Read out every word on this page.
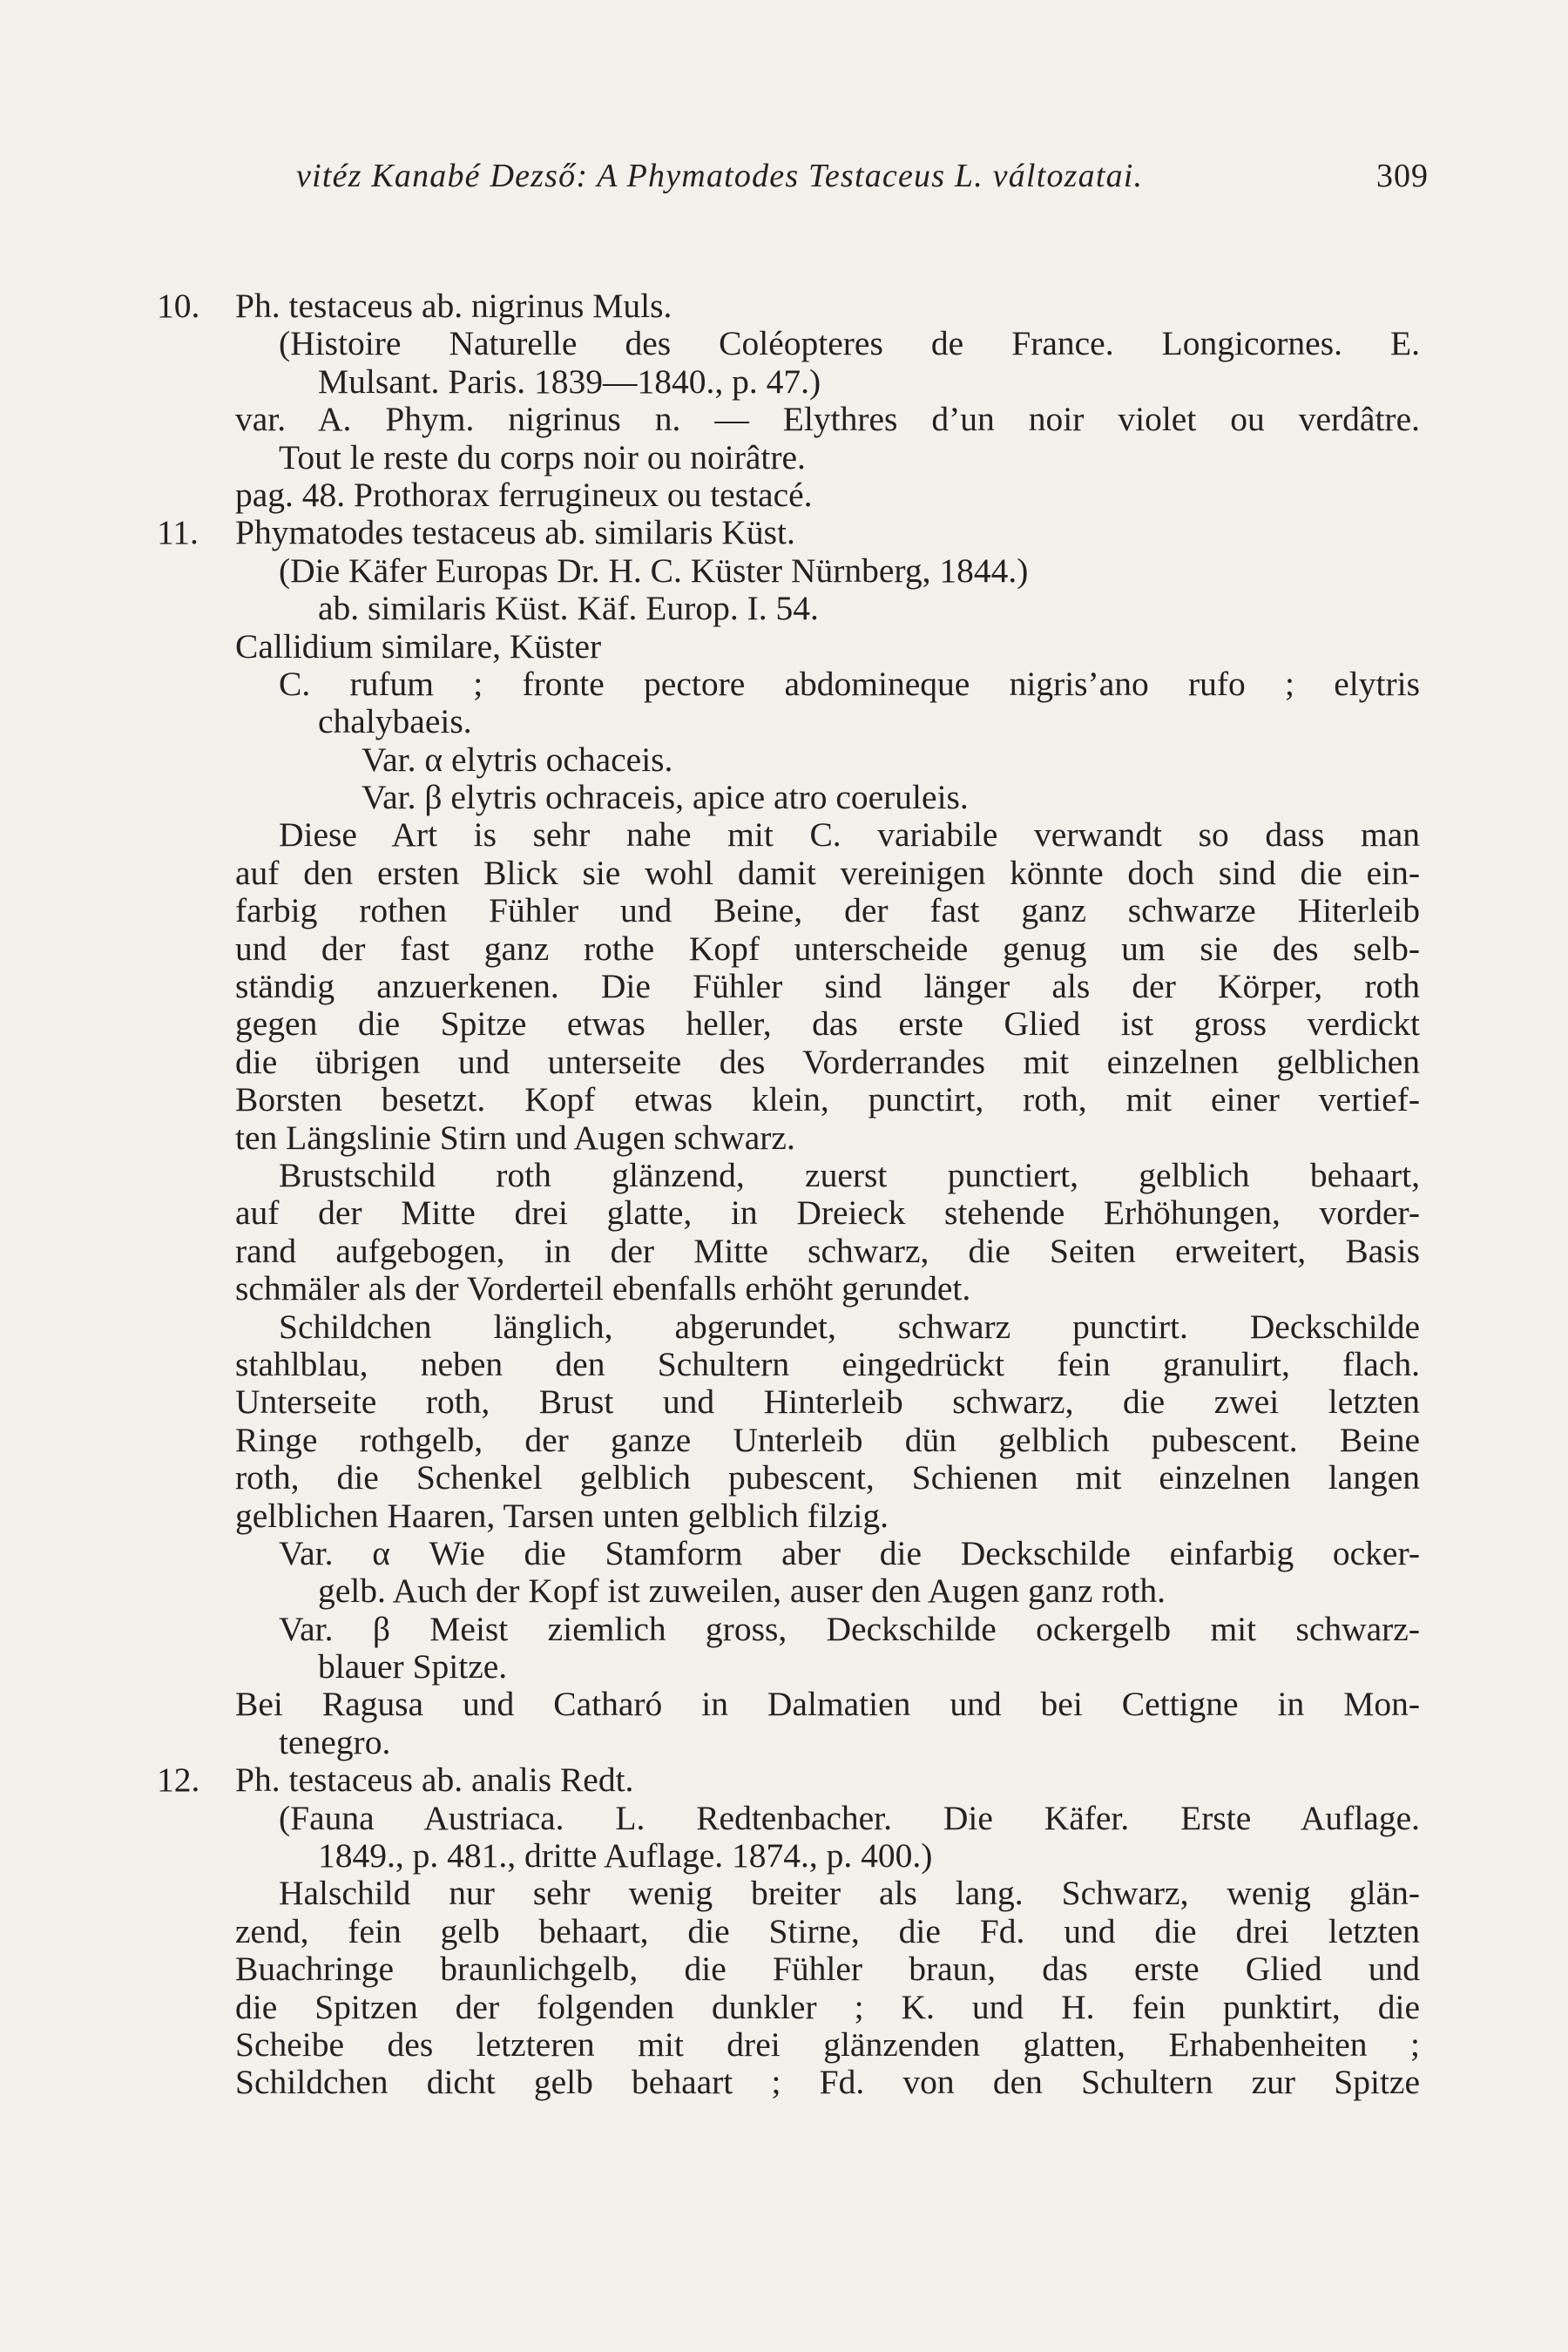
vitéz Kanabé Dezső: A Phymatodes Testaceus L. változatai.	309
10. Ph. testaceus ab. nigrinus Muls.
(Histoire Naturelle des Coléopteres de France. Longicornes. E.
Mulsant. Paris. 1839—1840., p. 47.)
var. A. Phym. nigrinus n. — Elythres d’un noir violet ou verdâtre.
Tout le reste du corps noir ou noirâtre.
pag. 48. Prothorax ferrugineux ou testacé.
11. Phymatodes testaceus ab. similaris Küst.
(Die Käfer Europas Dr. H. C. Küster Nürnberg, 1844.)
ab. similaris Küst. Käf. Europ. I. 54.
Callidium similare, Küster
C. rufum ; fronte pectore abdomineque nigris’ano rufo ; elytris
chalybaeis.
Var. α elytris ochaceis.
Var. β elytris ochraceis, apice atro coeruleis.
Diese Art is sehr nahe mit C. variabile verwandt so dass man
auf den ersten Blick sie wohl damit vereinigen könnte doch sind die ein-
farbig rothen Fühler und Beine, der fast ganz schwarze Hiterleib
und der fast ganz rothe Kopf unterscheide genug um sie des selb-
ständig anzuerkenen. Die Fühler sind länger als der Körper, roth
gegen die Spitze etwas heller, das erste Glied ist gross verdickt
die übrigen und unterseite des Vorderrandes mit einzelnen gelblichen
Borsten besetzt. Kopf etwas klein, punctirt, roth, mit einer vertief-
ten Längslinie Stirn und Augen schwarz.
Brustschild roth glänzend, zuerst punctiert, gelblich behaart,
auf der Mitte drei glatte, in Dreieck stehende Erhöhungen, vorder-
rand aufgebogen, in der Mitte schwarz, die Seiten erweitert, Basis
schmäler als der Vorderteil ebenfalls erhöht gerundet.
Schildchen länglich, abgerundet, schwarz punctirt. Deckschilde
stahlblau, neben den Schultern eingedrückt fein granulirt, flach.
Unterseite roth, Brust und Hinterleib schwarz, die zwei letzten
Ringe rothgelb, der ganze Unterleib dün gelblich pubescent. Beine
roth, die Schenkel gelblich pubescent, Schienen mit einzelnen langen
gelblichen Haaren, Tarsen unten gelblich filzig.
Var. α Wie die Stamform aber die Deckschilde einfarbig ocker-
gelb. Auch der Kopf ist zuweilen, auser den Augen ganz roth.
Var. β Meist ziemlich gross, Deckschilde ockergelb mit schwarz-
blauer Spitze.
Bei Ragusa und Catharó in Dalmatien und bei Cettigne in Mon-
tenegro.
12. Ph. testaceus ab. analis Redt.
(Fauna Austriaca. L. Redtenbacher. Die Käfer. Erste Auflage.
1849., p. 481., dritte Auflage. 1874., p. 400.)
Halschild nur sehr wenig breiter als lang. Schwarz, wenig glän-
zend, fein gelb behaart, die Stirne, die Fd. und die drei letzten
Buachringe braunlichgelb, die Fühler braun, das erste Glied und
die Spitzen der folgenden dunkler ; K. und H. fein punktirt, die
Scheibe des letzteren mit drei glänzenden glatten, Erhabenheiten ;
Schildchen dicht gelb behaart ; Fd. von den Schultern zur Spitze
